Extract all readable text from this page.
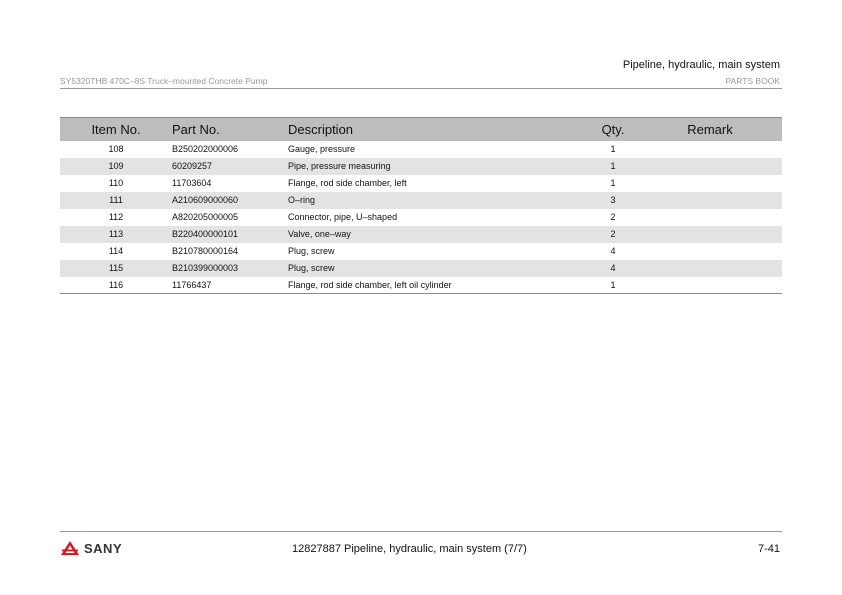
Pipeline, hydraulic, main system
SY5320THB 470C–8S Truck–mounted Concrete Pump	PARTS BOOK
Item No.	Part No.	Description	Qty.	Remark
108	B250202000006	Gauge, pressure	1	
109	60209257	Pipe, pressure measuring	1	
110	11703604	Flange, rod side chamber, left	1	
111	A210609000060	O–ring	3	
112	A820205000005	Connector, pipe, U–shaped	2	
113	B220400000101	Valve, one–way	2	
114	B210780000164	Plug, screw	4	
115	B210399000003	Plug, screw	4	
116	11766437	Flange, rod side chamber, left oil cylinder	1	
SANY	12827887 Pipeline, hydraulic, main system (7/7)	7-41
